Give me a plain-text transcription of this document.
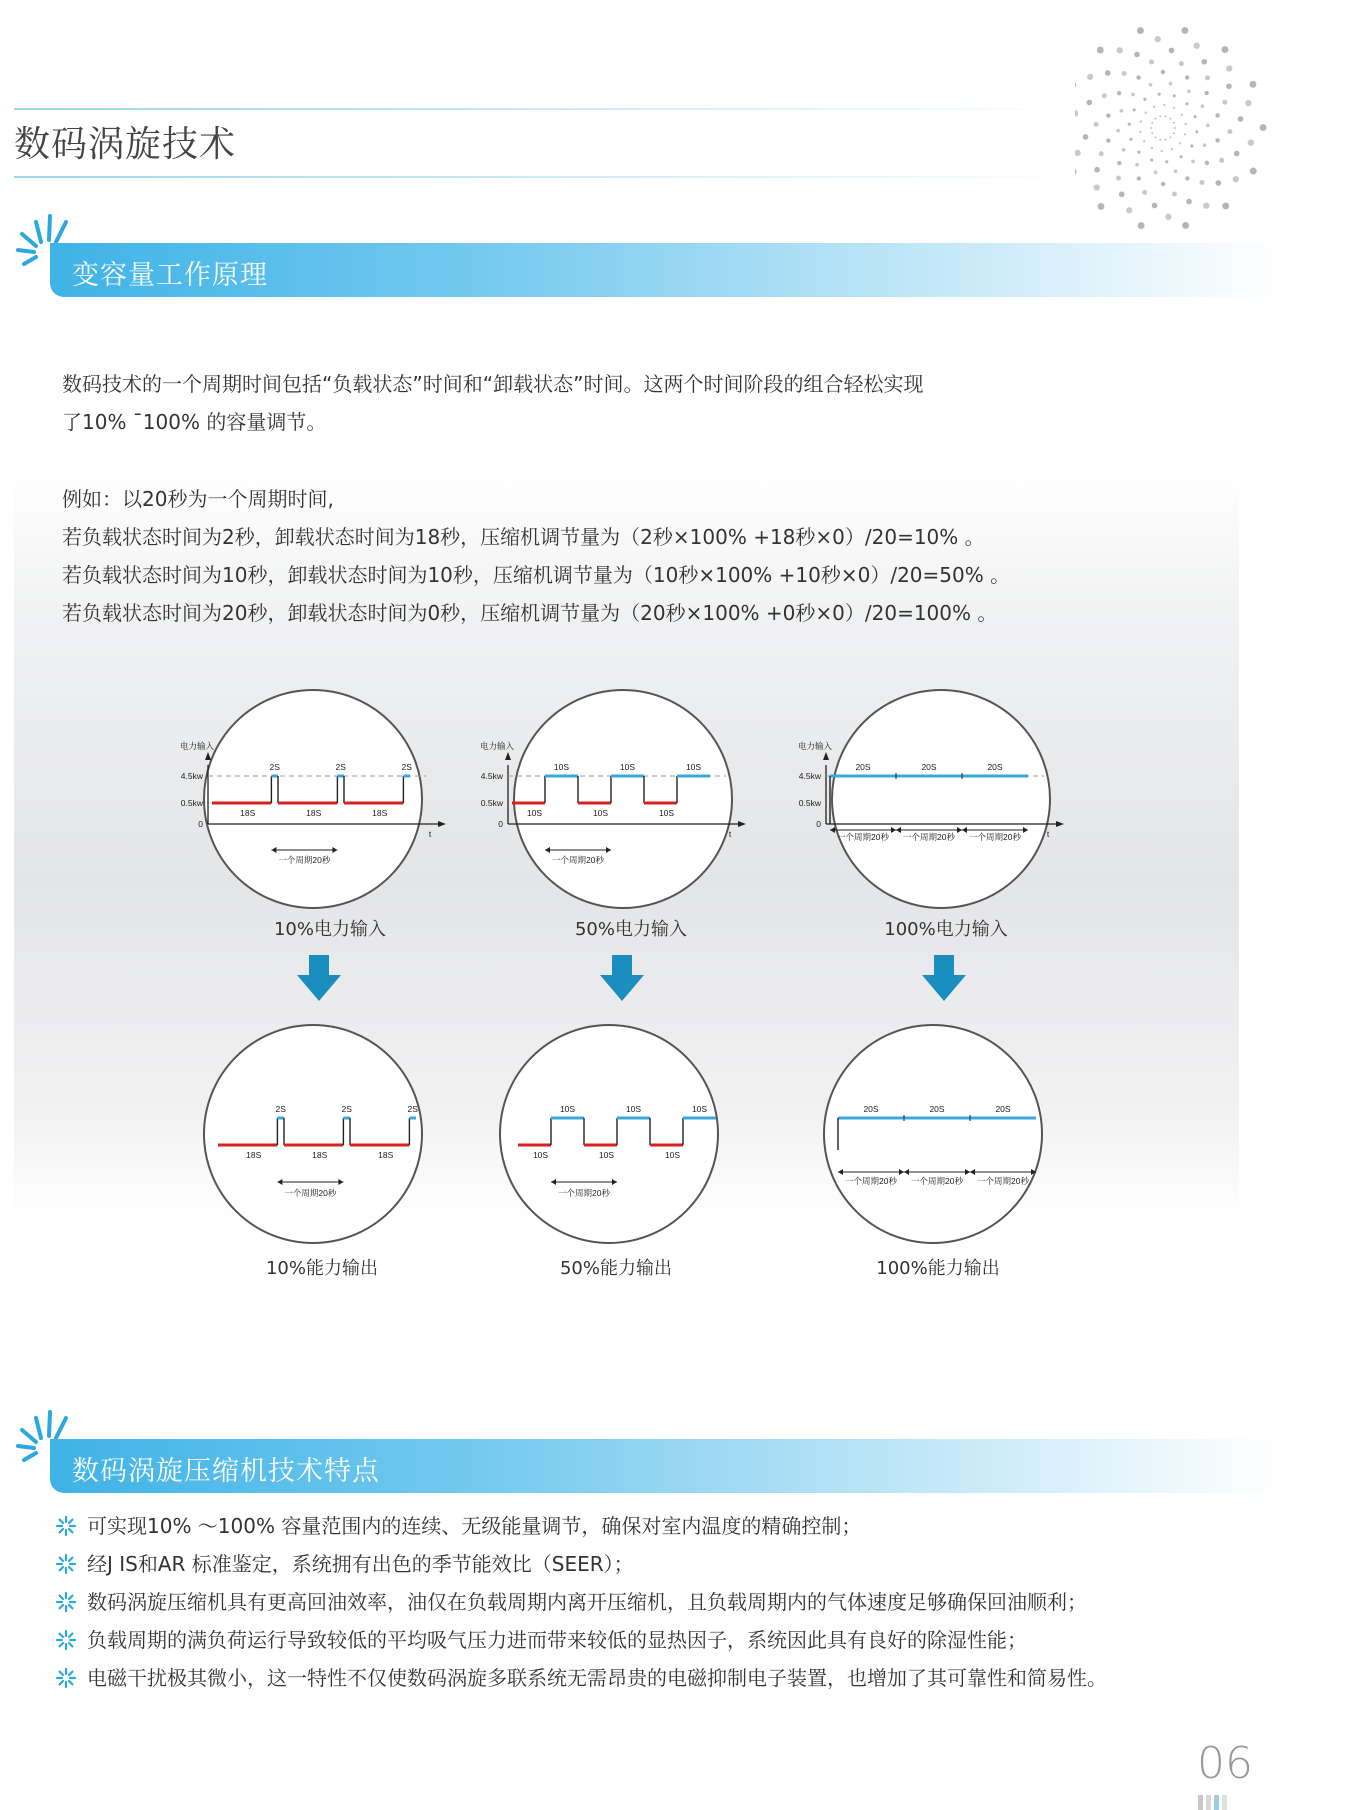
数码涡旋技术
变容量工作原理
数码技术的一个周期时间包括“负载状态”时间和“卸载状态”时间。这两个时间阶段的组合轻松实现
了10% ¯100% 的容量调节。
例如：以20秒为一个周期时间,
若负载状态时间为2秒，卸载状态时间为18秒，压缩机调节量为（2秒×100% +18秒×0）/20=10% 。
若负载状态时间为10秒，卸载状态时间为10秒，压缩机调节量为（10秒×100% +10秒×0）/20=50% 。
若负载状态时间为20秒，卸载状态时间为0秒，压缩机调节量为（20秒×100% +0秒×0）/20=100% 。
电力输入
4.5kw
0.5kw
0
t
18S
2S
18S
2S
18S
2S
一个周期20秒
电力输入
4.5kw
0.5kw
0
t
10S
10S
10S
10S
10S
10S
一个周期20秒
电力输入
4.5kw
0.5kw
0
t
20S	20S	20S
一个周期20秒 一个周期20秒 一个周期20秒
10%电力输入	50%电力输入	100%电力输入
18S
2S
18S
2S
18S
2S
一个周期20秒
10S
10S
10S
10S
10S
10S
一个周期20秒
20S	20S	20S
一个周期20秒 一个周期20秒 一个周期20秒
10%能力输出	50%能力输出	100%能力输出
数码涡旋压缩机技术特点
可实现10% ～100% 容量范围内的连续、无级能量调节，确保对室内温度的精确控制；
经J IS和AR 标准鉴定，系统拥有出色的季节能效比（SEER）；
数码涡旋压缩机具有更高回油效率，油仅在负载周期内离开压缩机，且负载周期内的气体速度足够确保回油顺利；
负载周期的满负荷运行导致较低的平均吸气压力进而带来较低的显热因子，系统因此具有良好的除湿性能；
电磁干扰极其微小，这一特性不仅使数码涡旋多联系统无需昂贵的电磁抑制电子装置，也增加了其可靠性和简易性。
06
